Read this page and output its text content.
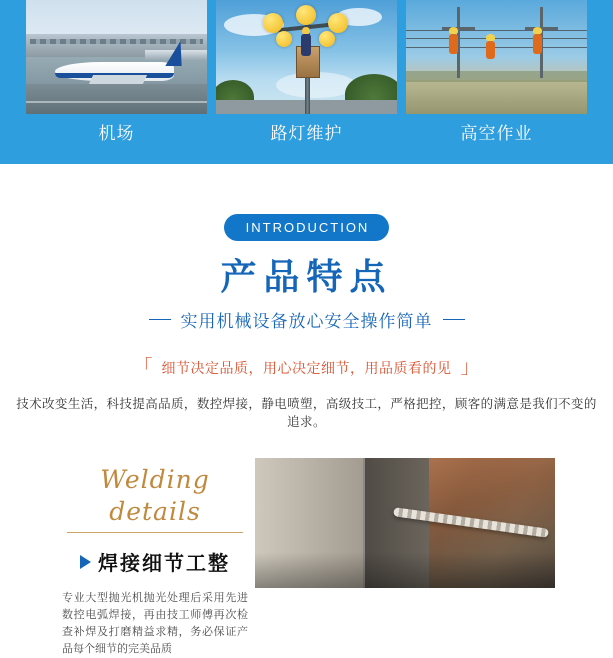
机场	路灯维护	高空作业
INTRODUCTION
产品特点
实用机械设备放心安全操作简单
「 细节决定品质，用心决定细节，用品质看的见 」
技术改变生活，科技提高品质，数控焊接，静电喷塑，高级技工，严格把控，顾客的满意是我们不变的追求。
Welding details
焊接细节工整
专业大型抛光机抛光处理后采用先进数控电弧焊接，再由技工师傅再次检查补焊及打磨精益求精，务必保证产品每个细节的完美品质
